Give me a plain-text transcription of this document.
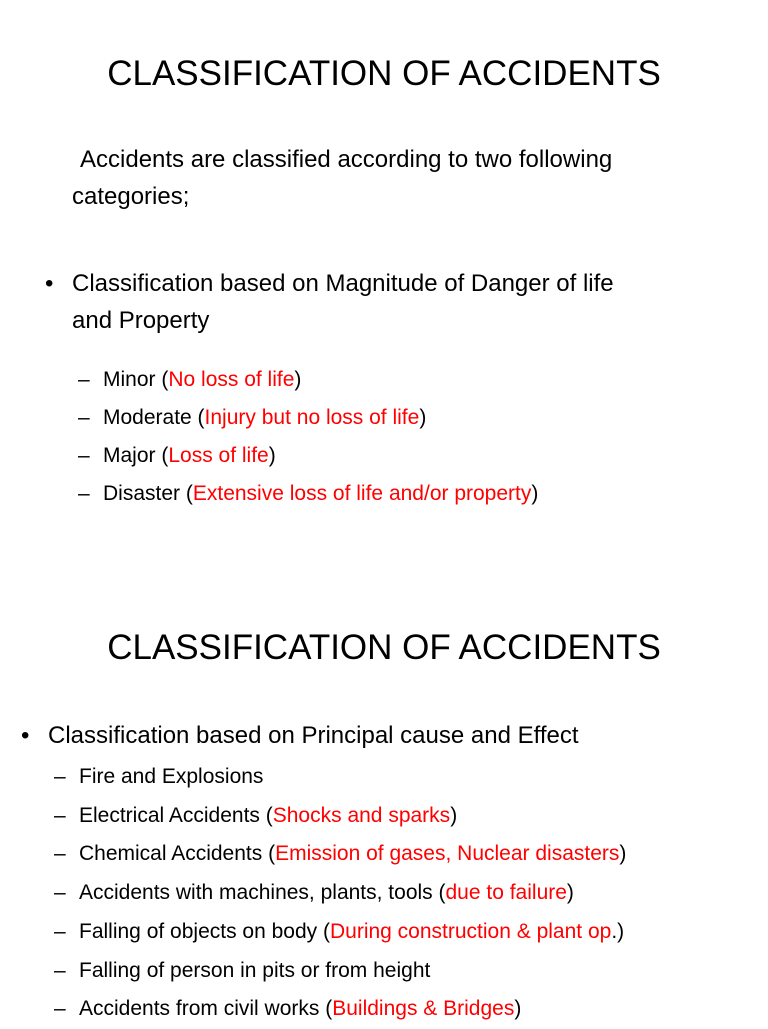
CLASSIFICATION OF ACCIDENTS
Accidents are classified according to two following
categories;
• Classification based on Magnitude of Danger of life
and Property
– Minor (No loss of life)
– Moderate (Injury but no loss of life)
– Major (Loss of life)
– Disaster (Extensive loss of life and/or property)
CLASSIFICATION OF ACCIDENTS
• Classification based on Principal cause and Effect
– Fire and Explosions
– Electrical Accidents (Shocks and sparks)
– Chemical Accidents (Emission of gases, Nuclear disasters)
– Accidents with machines, plants, tools (due to failure)
– Falling of objects on body (During construction & plant op.)
– Falling of person in pits or from height
– Accidents from civil works (Buildings & Bridges)
